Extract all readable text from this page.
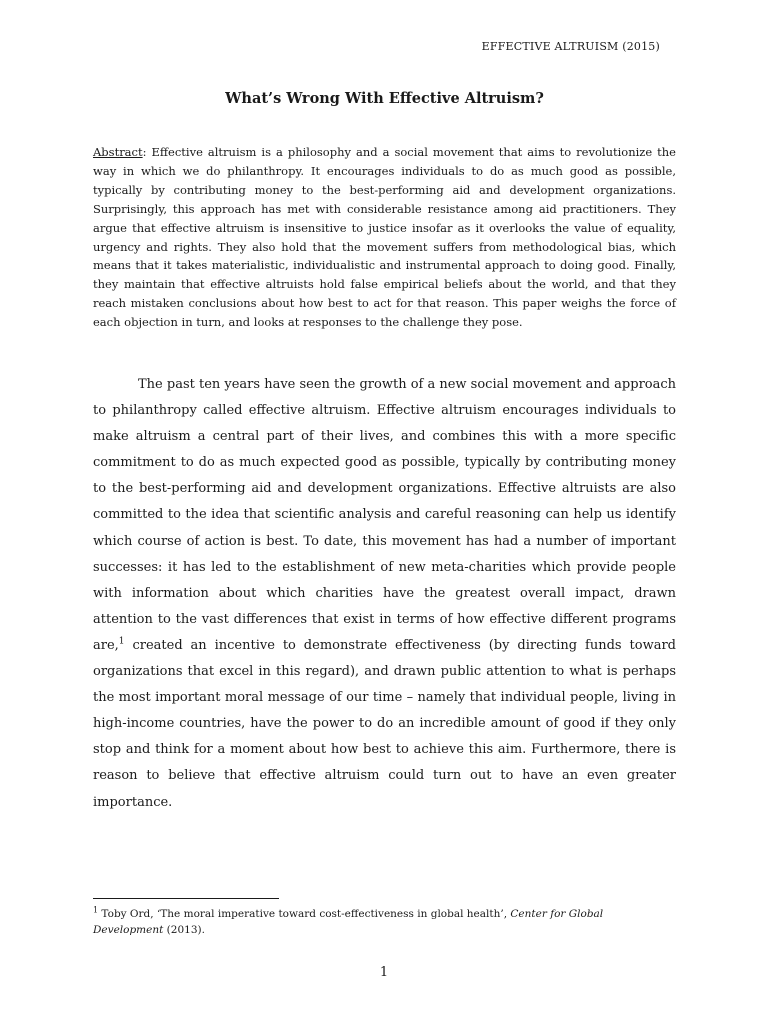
EFFECTIVE ALTRUISM (2015)
What’s Wrong With Effective Altruism?

Abstract: Effective altruism is a philosophy and a social movement that aims to revolutionize the way in which we do philanthropy. It encourages individuals to do as much good as possible, typically by contributing money to the best-performing aid and development organizations. Surprisingly, this approach has met with considerable resistance among aid practitioners. They argue that effective altruism is insensitive to justice insofar as it overlooks the value of equality, urgency and rights. They also hold that the movement suffers from methodological bias, which means that it takes materialistic, individualistic and instrumental approach to doing good. Finally, they maintain that effective altruists hold false empirical beliefs about the world, and that they reach mistaken conclusions about how best to act for that reason. This paper weighs the force of each objection in turn, and looks at responses to the challenge they pose.

The past ten years have seen the growth of a new social movement and approach to philanthropy called effective altruism. Effective altruism encourages individuals to make altruism a central part of their lives, and combines this with a more specific commitment to do as much expected good as possible, typically by contributing money to the best-performing aid and development organizations. Effective altruists are also committed to the idea that scientific analysis and careful reasoning can help us identify which course of action is best. To date, this movement has had a number of important successes: it has led to the establishment of new meta-charities which provide people with information about which charities have the greatest overall impact, drawn attention to the vast differences that exist in terms of how effective different programs are,$^1$ created an incentive to demonstrate effectiveness (by directing funds toward organizations that excel in this regard), and drawn public attention to what is perhaps the most important moral message of our time – namely that individual people, living in high-income countries, have the power to do an incredible amount of good if they only stop and think for a moment about how best to achieve this aim. Furthermore, there is reason to believe that effective altruism could turn out to have an even greater importance.

$^1$ Toby Ord, ‘The moral imperative toward cost-effectiveness in global health’, Center for Global Development (2013).

1
